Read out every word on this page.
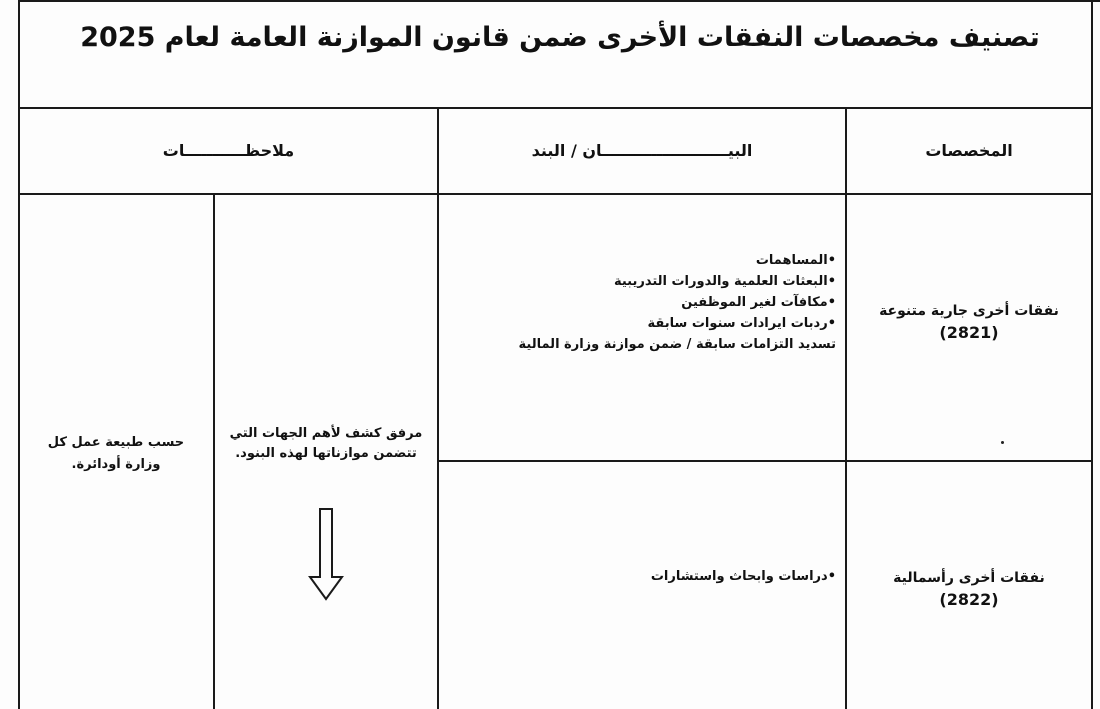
تصنيف مخصصات النفقات الأخرى ضمن قانون الموازنة العامة لعام 2025
المخصصات
البيـــــــــــــــــــــــان / البند
ملاحظـــــــــــات
نفقات أخرى جارية متنوعة
(2821)
• المساهمات
• البعثات العلمية والدورات التدريبية
• مكافآت لغير الموظفين
• ردبات ايرادات سنوات سابقة
تسديد التزامات سابقة / ضمن موازنة وزارة المالية
نفقات أخرى رأسمالية
(2822)
• دراسات وابحاث واستشارات
مرفق كشف لأهم الجهات التي تتضمن موازناتها لهذه البنود.
حسب طبيعة عمل كل وزارة أودائرة.
